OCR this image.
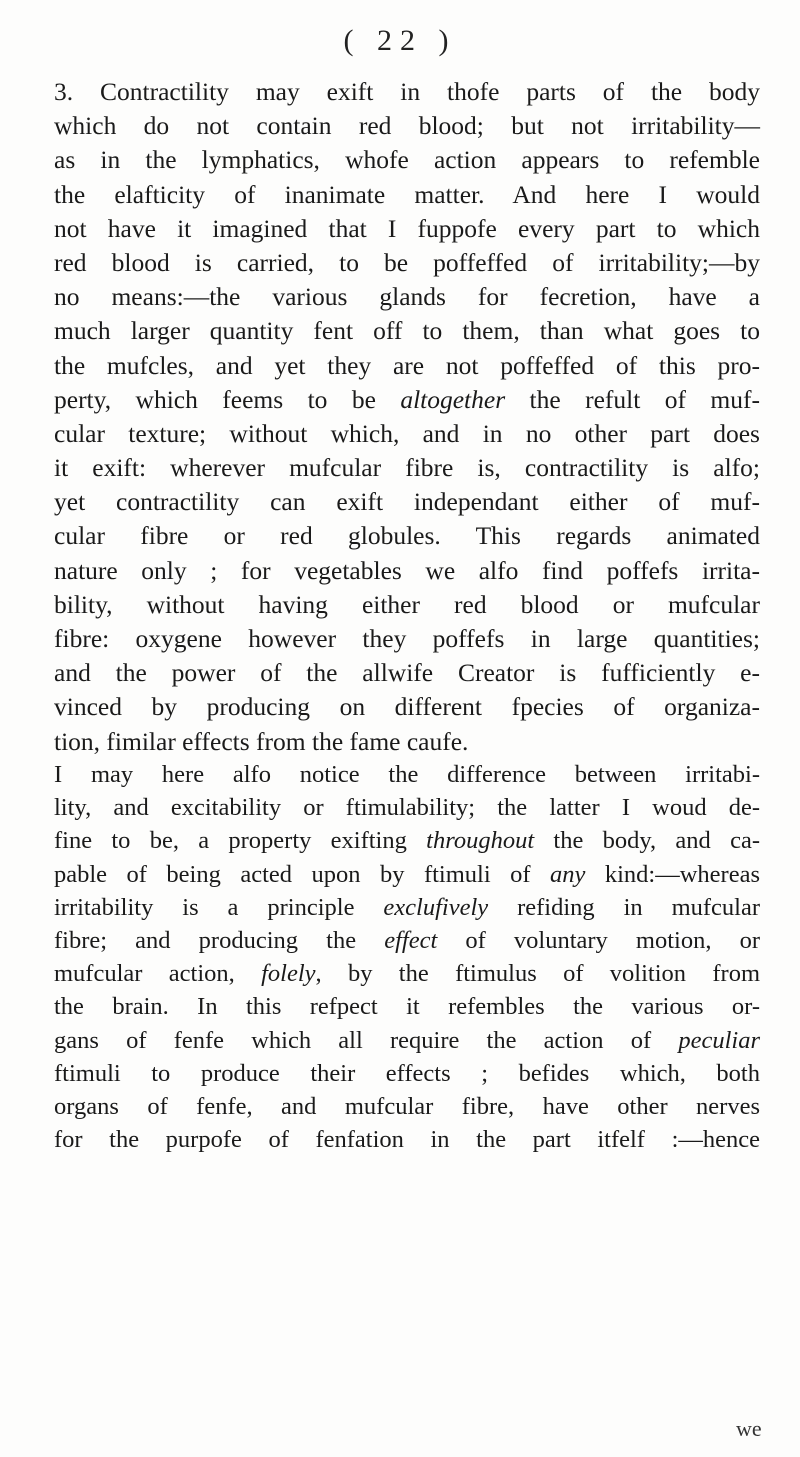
( 22 )
3. Contractility may exift in thofe parts of the body
which do not contain red blood; but not irritability—
as in the lymphatics, whofe action appears to refemble
the elafticity of inanimate matter. And here I would
not have it imagined that I fuppofe every part to which
red blood is carried, to be poffeffed of irritability;—by
no means:—the various glands for fecretion, have a
much larger quantity fent off to them, than what goes to
the mufcles, and yet they are not poffeffed of this pro-
perty, which feems to be altogether the refult of muf-
cular texture; without which, and in no other part does
it exift: wherever mufcular fibre is, contractility is alfo;
yet contractility can exift independant either of muf-
cular fibre or red globules. This regards animated
nature only ; for vegetables we alfo find poffefs irrita-
bility, without having either red blood or mufcular
fibre: oxygene however they poffefs in large quantities;
and the power of the allwife Creator is fufficiently e-
vinced by producing on different fpecies of organiza-
tion, fimilar effects from the fame caufe.
I may here alfo notice the difference between irritabi-
lity, and excitability or ftimulability; the latter I woud de-
fine to be, a property exifting throughout the body, and ca-
pable of being acted upon by ftimuli of any kind:—whereas
irritability is a principle exclufively refiding in mufcular
fibre; and producing the effect of voluntary motion, or
mufcular action, folely, by the ftimulus of volition from
the brain. In this refpect it refembles the various or-
gans of fenfe which all require the action of peculiar
ftimuli to produce their effects ; befides which, both
organs of fenfe, and mufcular fibre, have other nerves
for the purpofe of fenfation in the part itfelf :—hence
we
